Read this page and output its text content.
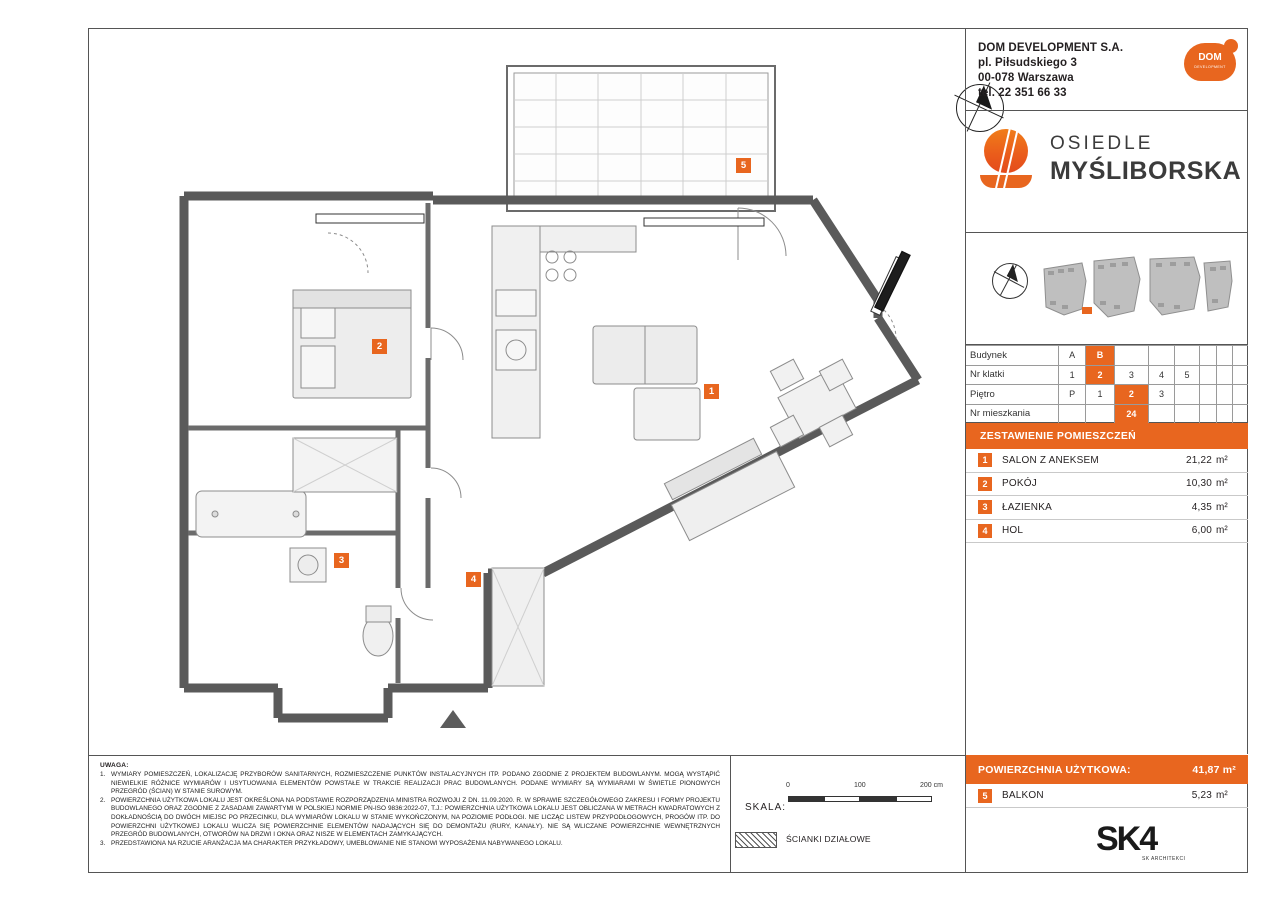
1
2
3
4
5
DOM DEVELOPMENT S.A.
pl. Piłsudskiego 3
00-078 Warszawa
tel. 22 351 66 33
DOM
DEVELOPMENT
OSIEDLE
MYŚLIBORSKA
Budynek	A	B						
Nr klatki	1	2	3	4	5			
Piętro	P	1	2	3				
Nr mieszkania			24					
ZESTAWIENIE POMIESZCZEŃ
1	SALON Z ANEKSEM	21,22 m²
2	POKÓJ	10,30 m²
3	ŁAZIENKA	4,35 m²
4	HOL	6,00 m²
POWIERZCHNIA UŻYTKOWA:	41,87 m²
5	BALKON	5,23 m²
UWAGA:
1. WYMIARY POMIESZCZEŃ, LOKALIZACJĘ PRZYBORÓW SANITARNYCH, ROZMIESZCZENIE PUNKTÓW INSTALACYJNYCH ITP. PODANO ZGODNIE Z PROJEKTEM BUDOWLANYM. MOGĄ WYSTĄPIĆ NIEWIELKIE RÓŻNICE WYMIARÓW I USYTUOWANIA ELEMENTÓW POWSTAŁE W TRAKCIE REALIZACJI PRAC BUDOWLANYCH. PODANE WYMIARY SĄ WYMIARAMI W ŚWIETLE PIONOWYCH PRZEGRÓD (ŚCIAN) W STANIE SUROWYM.
2. POWIERZCHNIA UŻYTKOWA LOKALU JEST OKREŚLONA NA PODSTAWIE ROZPORZĄDZENIA MINISTRA ROZWOJU Z DN. 11.09.2020. R. W SPRAWIE SZCZEGÓŁOWEGO ZAKRESU I FORMY PROJEKTU BUDOWLANEGO ORAZ ZGODNIE Z ZASADAMI ZAWARTYMI W POLSKIEJ NORMIE PN-ISO 9836:2022-07, T.J.: POWIERZCHNIA UŻYTKOWA LOKALU JEST OBLICZANA W METRACH KWADRATOWYCH Z DOKŁADNOŚCIĄ DO DWÓCH MIEJSC PO PRZECINKU, DLA WYMIARÓW LOKALU W STANIE WYKOŃCZONYM, NA POZIOMIE PODŁOGI. NIE LICZĄC LISTEW PRZYPODŁOGOWYCH, PROGÓW ITP. DO POWIERZCHNI UŻYTKOWEJ LOKALU WLICZA SIĘ POWIERZCHNIE ELEMENTÓW NADAJĄCYCH SIĘ DO DEMONTAŻU (RURY, KANAŁY). NIE SĄ WLICZANE POWIERZCHNIE WEWNĘTRZNYCH PRZEGRÓD BUDOWLANYCH, OTWORÓW NA DRZWI I OKNA ORAZ NISZE W ELEMENTACH ZAMYKAJĄCYCH.
3. PRZEDSTAWIONA NA RZUCIE ARANŻACJA MA CHARAKTER PRZYKŁADOWY, UMEBLOWANIE NIE STANOWI WYPOSAŻENIA NABYWANEGO LOKALU.
SKALA:
0	100	200 cm
ŚCIANKI DZIAŁOWE	SK4
SK ARCHITEKCI
